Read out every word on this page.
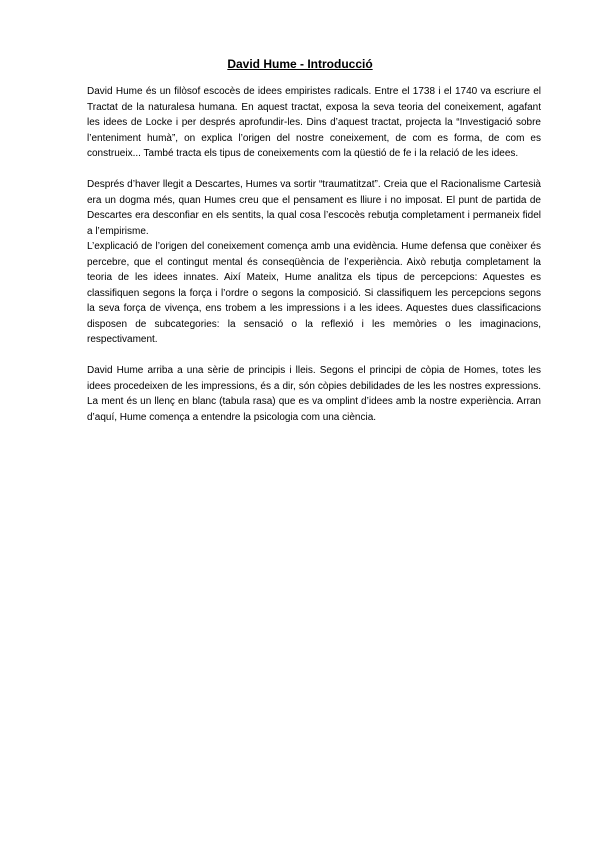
David Hume - Introducció

David Hume és un filòsof escocès de idees empiristes radicals. Entre el 1738 i el 1740 va escriure el Tractat de la naturalesa humana. En aquest tractat, exposa la seva teoria del coneixement, agafant les idees de Locke i per després aprofundir-les. Dins d’aquest tractat, projecta la “Investigació sobre l’enteniment humà”, on explica l’origen del nostre coneixement, de com es forma, de com es construeix... També tracta els tipus de coneixements com la qüestió de fe i la relació de les idees.

Després d’haver llegit a Descartes, Humes va sortir “traumatitzat”. Creia que el Racionalisme Cartesià era un dogma més, quan Humes creu que el pensament es lliure i no imposat. El punt de partida de Descartes era desconfiar en els sentits, la qual cosa l’escocès rebutja completament i permaneix fidel a l’empirisme.

L’explicació de l’origen del coneixement comença amb una evidència. Hume defensa que conèixer és percebre, que el contingut mental és conseqüència de l’experiència. Això rebutja completament la teoria de les idees innates. Així Mateix, Hume analitza els tipus de percepcions: Aquestes es classifiquen segons la força i l’ordre o segons la composició. Si classifiquem les percepcions segons la seva força de vivença, ens trobem a les impressions i a les idees. Aquestes dues classificacions disposen de subcategories: la sensació o la reflexió i les memòries o les imaginacions, respectivament.

David Hume arriba a una sèrie de principis i lleis. Segons el principi de còpia de Homes, totes les idees procedeixen de les impressions, és a dir, són còpies debilidades de les les nostres expressions. La ment és un llenç en blanc (tabula rasa) que es va omplint d’idees amb la nostre experiència. Arran d’aquí, Hume comença a entendre la psicologia com una ciència.
